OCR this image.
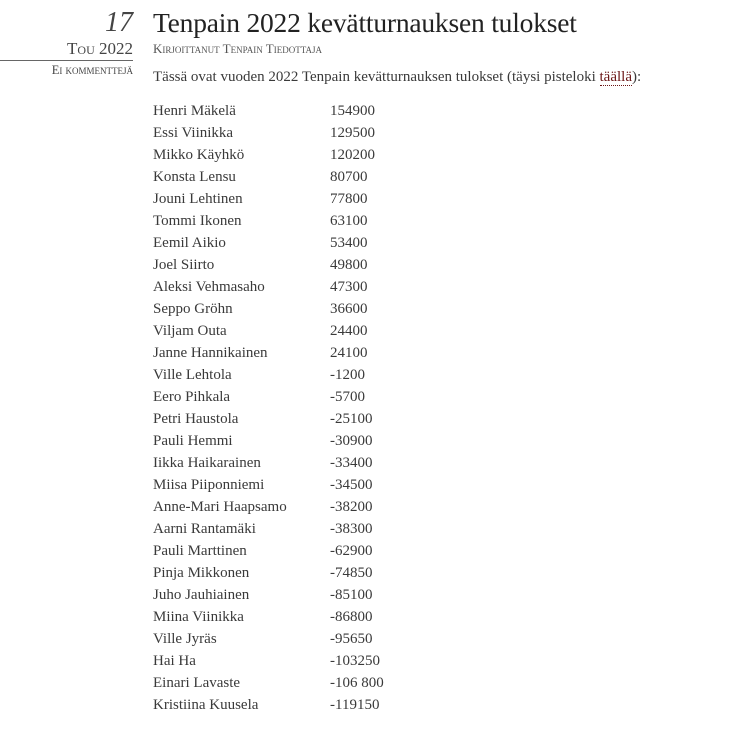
17
Tou 2022
Ei kommenttejä
Tenpain 2022 kevätturnauksen tulokset
Kirjoittanut Tenpain Tiedottaja
Tässä ovat vuoden 2022 Tenpain kevätturnauksen tulokset (täysi pisteloki täällä):
Henri Mäkelä	154900
Essi Viinikka	129500
Mikko Käyhkö	120200
Konsta Lensu	80700
Jouni Lehtinen	77800
Tommi Ikonen	63100
Eemil Aikio	53400
Joel Siirto	49800
Aleksi Vehmasaho	47300
Seppo Gröhn	36600
Viljam Outa	24400
Janne Hannikainen	24100
Ville Lehtola	-1200
Eero Pihkala	-5700
Petri Haustola	-25100
Pauli Hemmi	-30900
Iikka Haikarainen	-33400
Miisa Piiponniemi	-34500
Anne-Mari Haapsamo	-38200
Aarni Rantamäki	-38300
Pauli Marttinen	-62900
Pinja Mikkonen	-74850
Juho Jauhiainen	-85100
Miina Viinikka	-86800
Ville Jyräs	-95650
Hai Ha	-103250
Einari Lavaste	-106 800
Kristiina Kuusela	-119150
